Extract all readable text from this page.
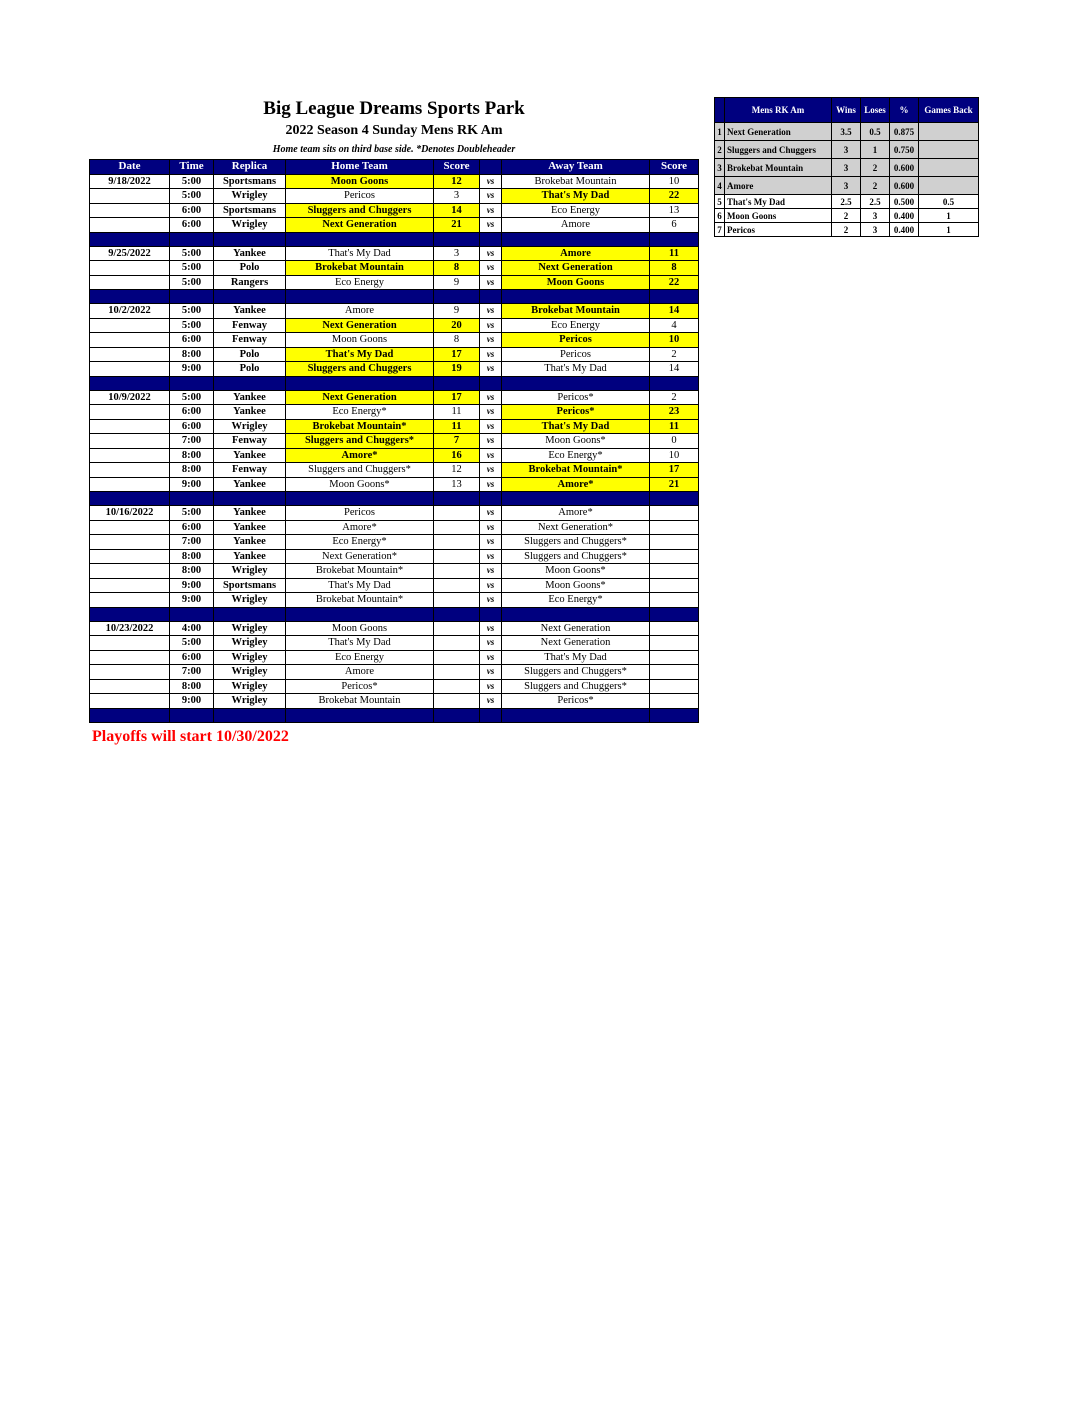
Big League Dreams Sports Park
2022 Season 4 Sunday Mens RK Am
Home team sits on third base side. *Denotes Doubleheader
Date	Time	Replica	Home Team	Score		Away Team	Score
9/18/2022	5:00	Sportsmans	Moon Goons	12	vs	Brokebat Mountain	10
	5:00	Wrigley	Pericos	3	vs	That's My Dad	22
	6:00	Sportsmans	Sluggers and Chuggers	14	vs	Eco Energy	13
	6:00	Wrigley	Next Generation	21	vs	Amore	6

9/25/2022	5:00	Yankee	That's My Dad	3	vs	Amore	11
	5:00	Polo	Brokebat Mountain	8	vs	Next Generation	8
	5:00	Rangers	Eco Energy	9	vs	Moon Goons	22

10/2/2022	5:00	Yankee	Amore	9	vs	Brokebat Mountain	14
	5:00	Fenway	Next Generation	20	vs	Eco Energy	4
	6:00	Fenway	Moon Goons	8	vs	Pericos	10
	8:00	Polo	That's My Dad	17	vs	Pericos	2
	9:00	Polo	Sluggers and Chuggers	19	vs	That's My Dad	14

10/9/2022	5:00	Yankee	Next Generation	17	vs	Pericos*	2
	6:00	Yankee	Eco Energy*	11	vs	Pericos*	23
	6:00	Wrigley	Brokebat Mountain*	11	vs	That's My Dad	11
	7:00	Fenway	Sluggers and Chuggers*	7	vs	Moon Goons*	0
	8:00	Yankee	Amore*	16	vs	Eco Energy*	10
	8:00	Fenway	Sluggers and Chuggers*	12	vs	Brokebat Mountain*	17
	9:00	Yankee	Moon Goons*	13	vs	Amore*	21

10/16/2022	5:00	Yankee	Pericos		vs	Amore*	
	6:00	Yankee	Amore*		vs	Next Generation*	
	7:00	Yankee	Eco Energy*		vs	Sluggers and Chuggers*	
	8:00	Yankee	Next Generation*		vs	Sluggers and Chuggers*	
	8:00	Wrigley	Brokebat Mountain*		vs	Moon Goons*	
	9:00	Sportsmans	That's My Dad		vs	Moon Goons*	
	9:00	Wrigley	Brokebat Mountain*		vs	Eco Energy*	

10/23/2022	4:00	Wrigley	Moon Goons		vs	Next Generation	
	5:00	Wrigley	That's My Dad		vs	Next Generation	
	6:00	Wrigley	Eco Energy		vs	That's My Dad	
	7:00	Wrigley	Amore		vs	Sluggers and Chuggers*	
	8:00	Wrigley	Pericos*		vs	Sluggers and Chuggers*	
	9:00	Wrigley	Brokebat Mountain		vs	Pericos*	

	Mens RK Am	Wins	Loses	%	Games Back
1	Next Generation	3.5	0.5	0.875	
2	Sluggers and Chuggers	3	1	0.750	
3	Brokebat Mountain	3	2	0.600	
4	Amore	3	2	0.600	
5	That's My Dad	2.5	2.5	0.500	0.5
6	Moon Goons	2	3	0.400	1
7	Pericos	2	3	0.400	1
Playoffs will start 10/30/2022
